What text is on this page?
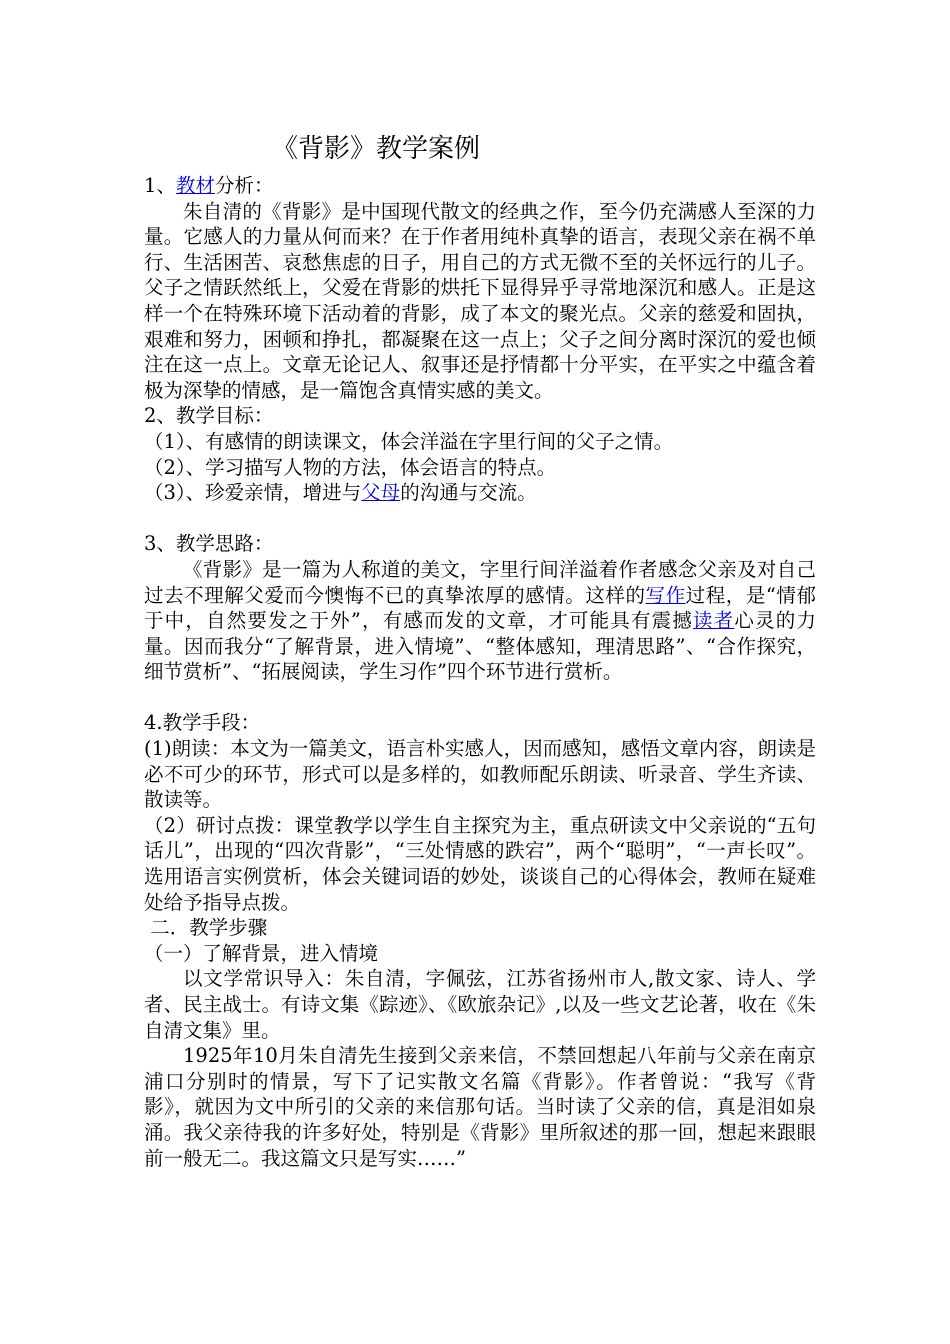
《背影》教学案例

1、教材分析：

朱自清的《背影》是中国现代散文的经典之作，至今仍充满感人至深的力量。它感人的力量从何而来？在于作者用纯朴真挚的语言，表现父亲在祸不单行、生活困苦、哀愁焦虑的日子，用自己的方式无微不至的关怀远行的儿子。父子之情跃然纸上，父爱在背影的烘托下显得异乎寻常地深沉和感人。正是这样一个在特殊环境下活动着的背影，成了本文的聚光点。父亲的慈爱和固执，艰难和努力，困顿和挣扎，都凝聚在这一点上；父子之间分离时深沉的爱也倾注在这一点上。文章无论记人、叙事还是抒情都十分平实，在平实之中蕴含着极为深挚的情感，是一篇饱含真情实感的美文。

2、教学目标：

（1）、有感情的朗读课文，体会洋溢在字里行间的父子之情。

（2）、学习描写人物的方法，体会语言的特点。

（3）、珍爱亲情，增进与父母的沟通与交流。

3、教学思路：

《背影》是一篇为人称道的美文，字里行间洋溢着作者感念父亲及对自己过去不理解父爱而今懊悔不已的真挚浓厚的感情。这样的写作过程，是“情郁于中，自然要发之于外”，有感而发的文章，才可能具有震撼读者心灵的力量。因而我分“了解背景，进入情境”、“整体感知，理清思路”、“合作探究，细节赏析”、“拓展阅读，学生习作”四个环节进行赏析。

4.教学手段：

(1)朗读：本文为一篇美文，语言朴实感人，因而感知，感悟文章内容，朗读是必不可少的环节，形式可以是多样的，如教师配乐朗读、听录音、学生齐读、散读等。

（2）研讨点拨：课堂教学以学生自主探究为主，重点研读文中父亲说的“五句话儿”，出现的“四次背影”，“三处情感的跌宕”，两个“聪明”，“一声长叹”。选用语言实例赏析，体会关键词语的妙处，谈谈自己的心得体会，教师在疑难处给予指导点拨。

二．教学步骤

（一）了解背景，进入情境

以文学常识导入：朱自清，字佩弦，江苏省扬州市人,散文家、诗人、学者、民主战士。有诗文集《踪迹》、《欧旅杂记》,以及一些文艺论著，收在《朱自清文集》里。

1925年10月朱自清先生接到父亲来信，不禁回想起八年前与父亲在南京浦口分别时的情景，写下了记实散文名篇《背影》。作者曾说：“我写《背影》，就因为文中所引的父亲的来信那句话。当时读了父亲的信，真是泪如泉涌。我父亲待我的许多好处，特别是《背影》里所叙述的那一回，想起来跟眼前一般无二。我这篇文只是写实……”
